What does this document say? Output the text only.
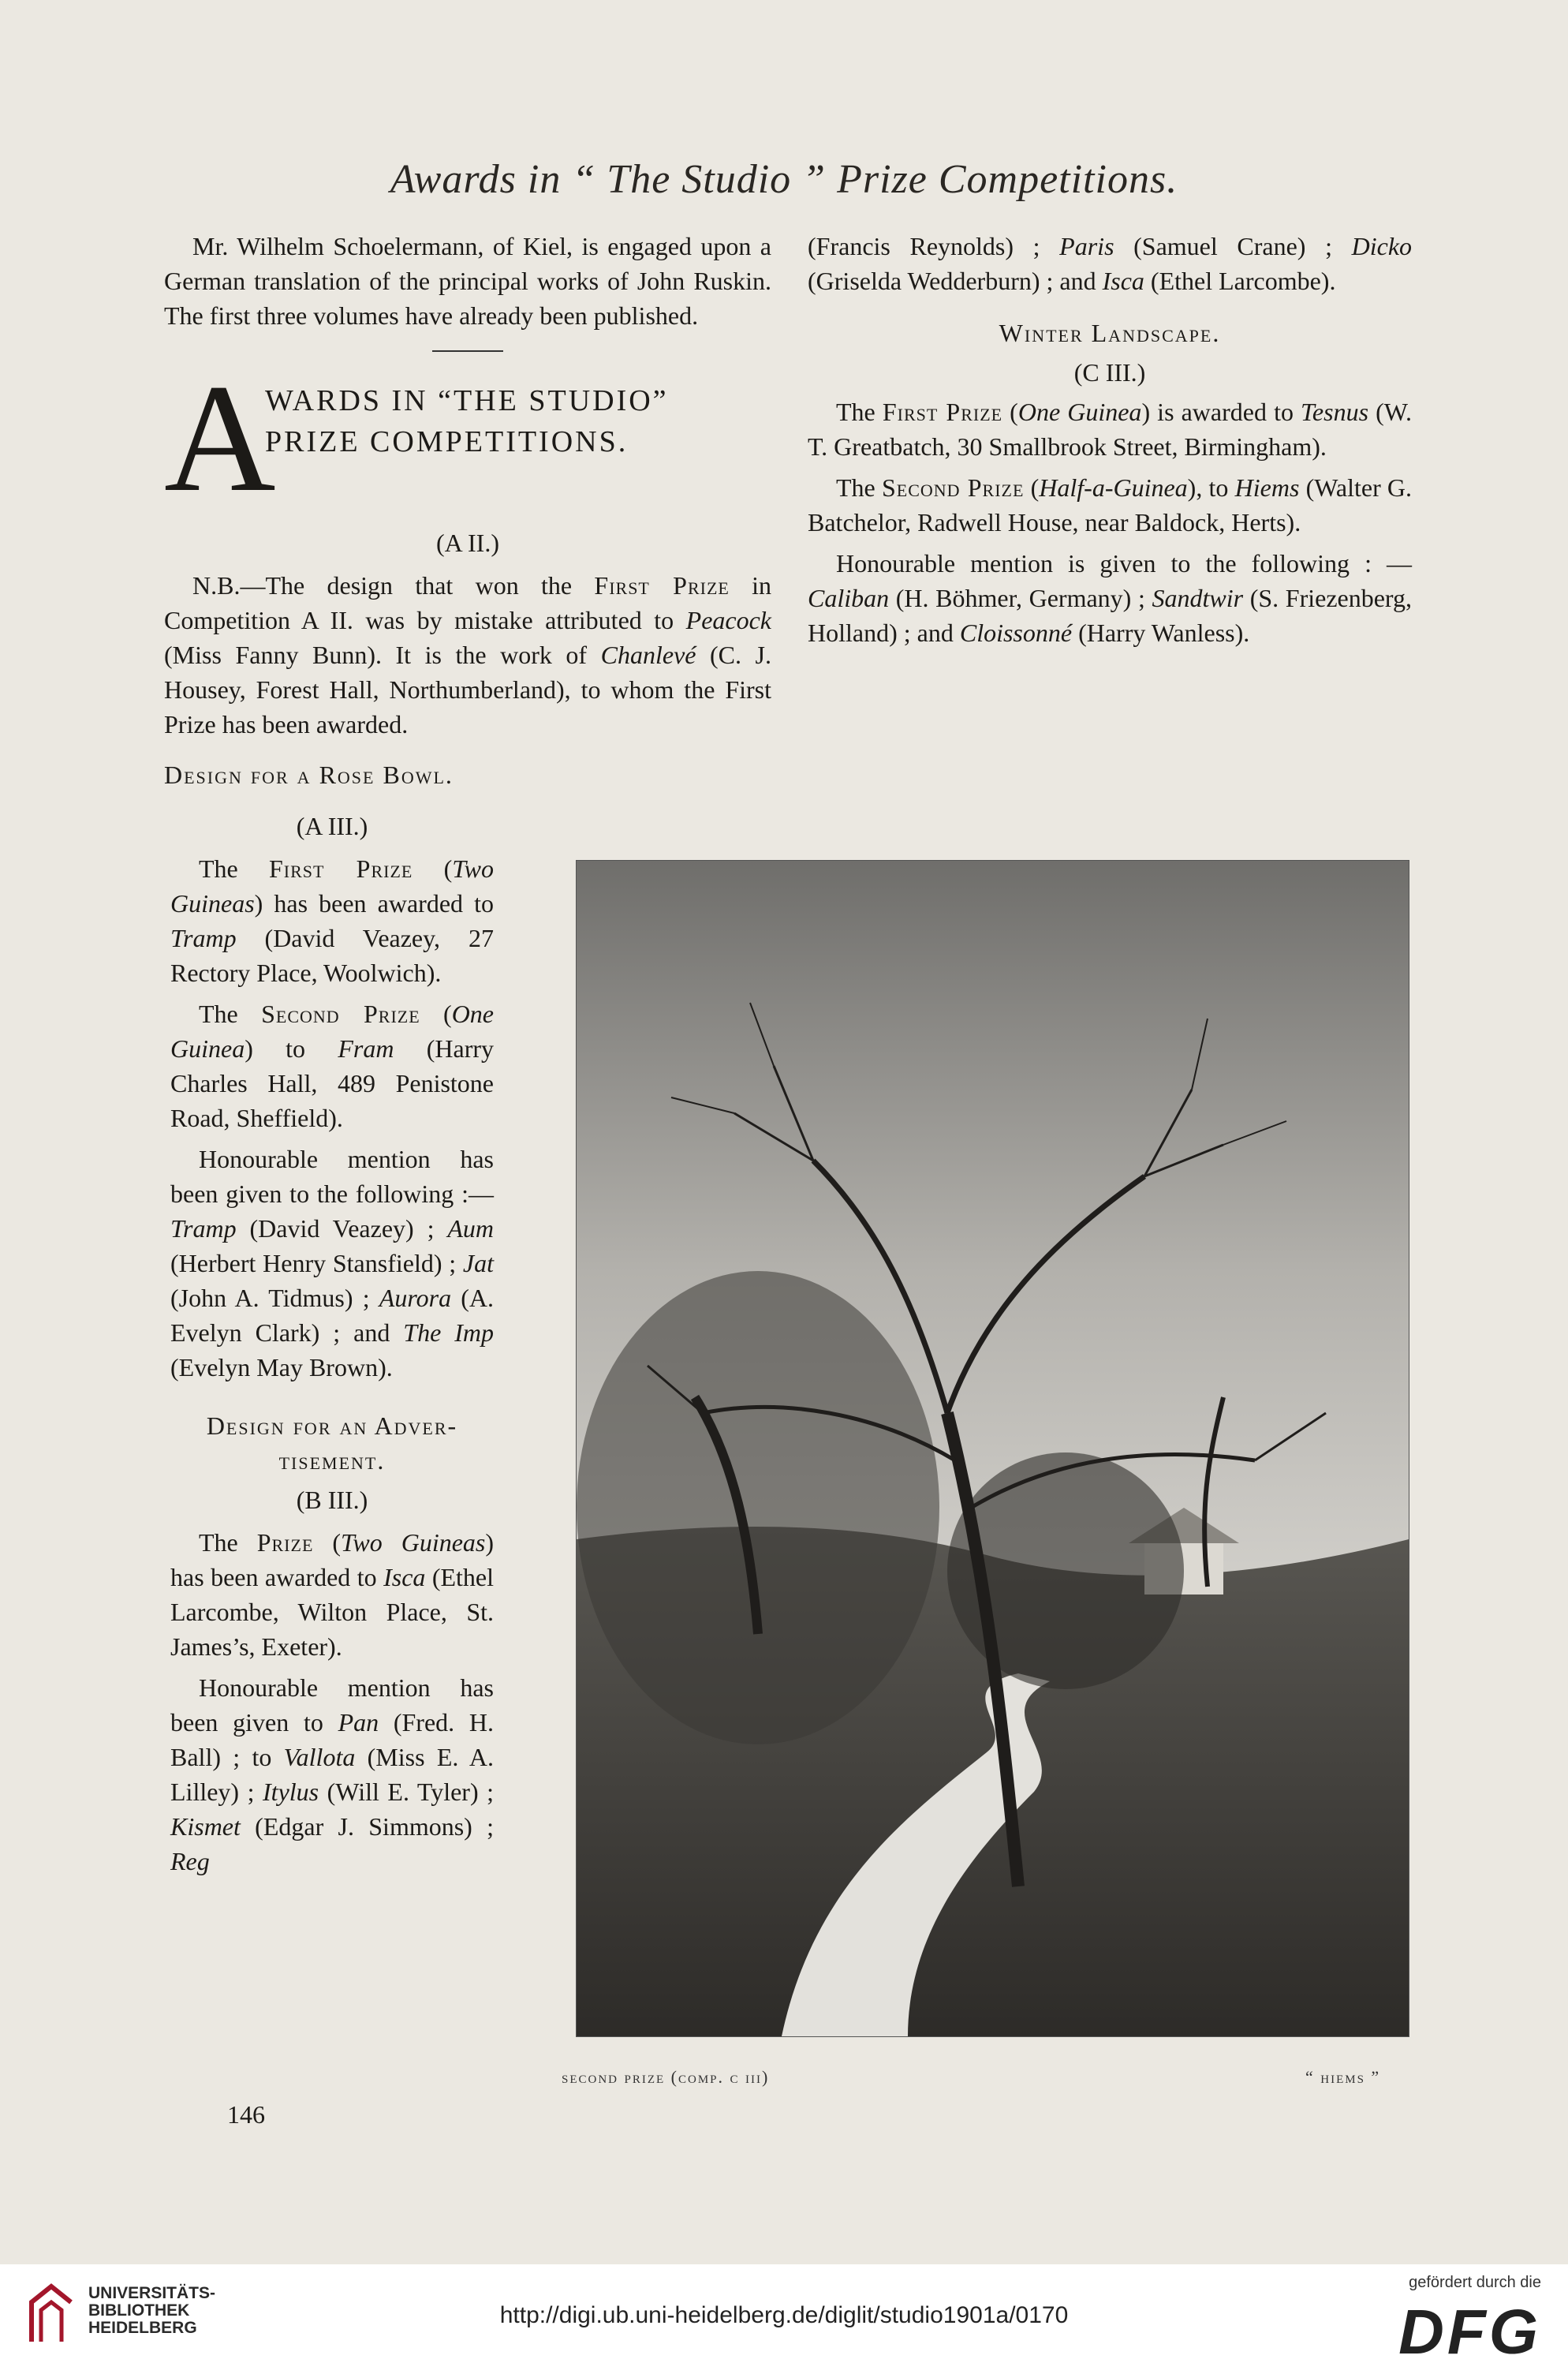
Awards in “ The Studio ” Prize Competitions.

Mr. Wilhelm Schoelermann, of Kiel, is engaged upon a German translation of the principal works of John Ruskin. The first three volumes have already been published.

A
WARDS IN “THE STUDIO”
PRIZE COMPETITIONS.
(A II.)

N.B.—The design that won the First Prize in Competition A II. was by mistake attributed to Peacock (Miss Fanny Bunn). It is the work of Chanlevé (C. J. Housey, Forest Hall, Northumberland), to whom the First Prize has been awarded.

Design for a Rose Bowl.
(A III.)

The First Prize (Two Guineas) has been awarded to Tramp (David Veazey, 27 Rectory Place, Woolwich).

The Second Prize (One Guinea) to Fram (Harry Charles Hall, 489 Penistone Road, Sheffield).

Honourable mention has been given to the following :—Tramp (David Veazey) ; Aum (Herbert Henry Stansfield) ; Jat (John A. Tidmus) ; Aurora (A. Evelyn Clark) ; and The Imp (Evelyn May Brown).

Design for an Adver-
tisement.
(B III.)

The Prize (Two Guineas) has been awarded to Isca (Ethel Larcombe, Wilton Place, St. James’s, Exeter).

Honourable mention has been given to Pan (Fred. H. Ball) ; to Vallota (Miss E. A. Lilley) ; Itylus (Will E. Tyler) ; Kismet (Edgar J. Simmons) ; Reg

(Francis Reynolds) ; Paris (Samuel Crane) ; Dicko (Griselda Wedderburn) ; and Isca (Ethel Larcombe).

Winter Landscape.
(C III.)

The First Prize (One Guinea) is awarded to Tesnus (W. T. Greatbatch, 30 Smallbrook Street, Birmingham).

The Second Prize (Half-a-Guinea), to Hiems (Walter G. Batchelor, Radwell House, near Baldock, Herts).

Honourable mention is given to the following : —Caliban (H. Böhmer, Germany) ; Sandtwir (S. Friezenberg, Holland) ; and Cloissonné (Harry Wanless).

second prize (comp. c iii)	“ hiems ”
146
UNIVERSITÄTS-
BIBLIOTHEK
HEIDELBERG	http://digi.ub.uni-heidelberg.de/diglit/studio1901a/0170
gefördert durch die
DFG
